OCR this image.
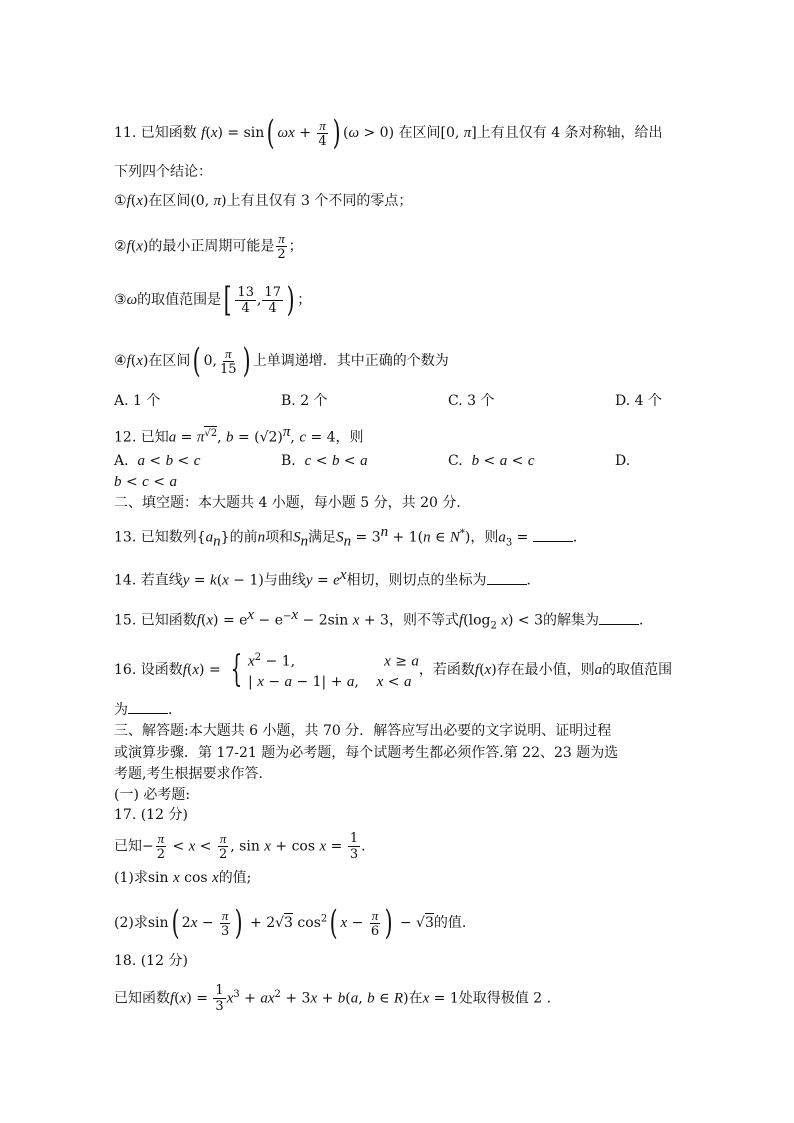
11. 已知函数 f(x) = sin( $\omega x + \frac{\pi}{4}$ ) (ω > 0) 在区间[0, π]上有且仅有 4 条对称轴，给出
下列四个结论：
①f(x)在区间(0, π)上有且仅有 3 个不同的零点；
②f(x)的最小正周期可能是 $\frac{\pi}{2}$ ；
③ω的取值范围是[ $\frac{13}{4}$ , $\frac{17}{4}$ ) ；
④f(x)在区间( 0, $\frac{\pi}{15}$ ) 上单调递增．其中正确的个数为
A. 1 个	B. 2 个	C. 3 个	D. 4 个
12. 已知$a = \pi^{√2}$, $b = (√2)^\pi$, c = 4，则
A. a < b < c	B. c < b < a	C. b < a < c	D.
b < c < a
二、填空题：本大题共 4 小题，每小题 5 分，共 20 分．
13. 已知数列$\{a_n\}$的前n项和$S_n$满足$S_n = 3^n + 1(n$ ∈ N*)，则$a_3$ =	．
14. 若直线y = k(x − 1)与曲线$y = e^x$相切，则切点的坐标为	．
15. 已知函数$f(x) = e^x - e^{-x} - 2\sin$ x + 3，则不等式$f(\log_2$ x) < 3的解集为	．
16. 设函数f(x) = { $x^2 - 1$,                    x ≥ a
| x − a − 1| + a,    x < a
，若函数f(x)存在最小值，则a的取值范围
为	．
三、解答题:本大题共 6 小题，共 70 分．解答应写出必要的文字说明、证明过程
或演算步骤．第 17-21 题为必考题，每个试题考生都必须作答.第 22、23 题为选
考题,考生根据要求作答.
(一) 必考题:
17. (12 分)
已知− $\frac{\pi}{2} < x < \frac{\pi}{2}$ , $\sin x + \cos x = \frac{1}{3}$ .
(1)求sin x cos x的值;
(2)求sin( $2x - \frac{\pi}{3}$ ) + 2√3 $\cos^2$( $x - \frac{\pi}{6}$ ) − √3的值.
18. (12 分)
已知函数$f(x) = \frac{1}{3} x^3 + ax^2 + 3x + b(a$, b ∈ R)在x = 1处取得极值 2 .
